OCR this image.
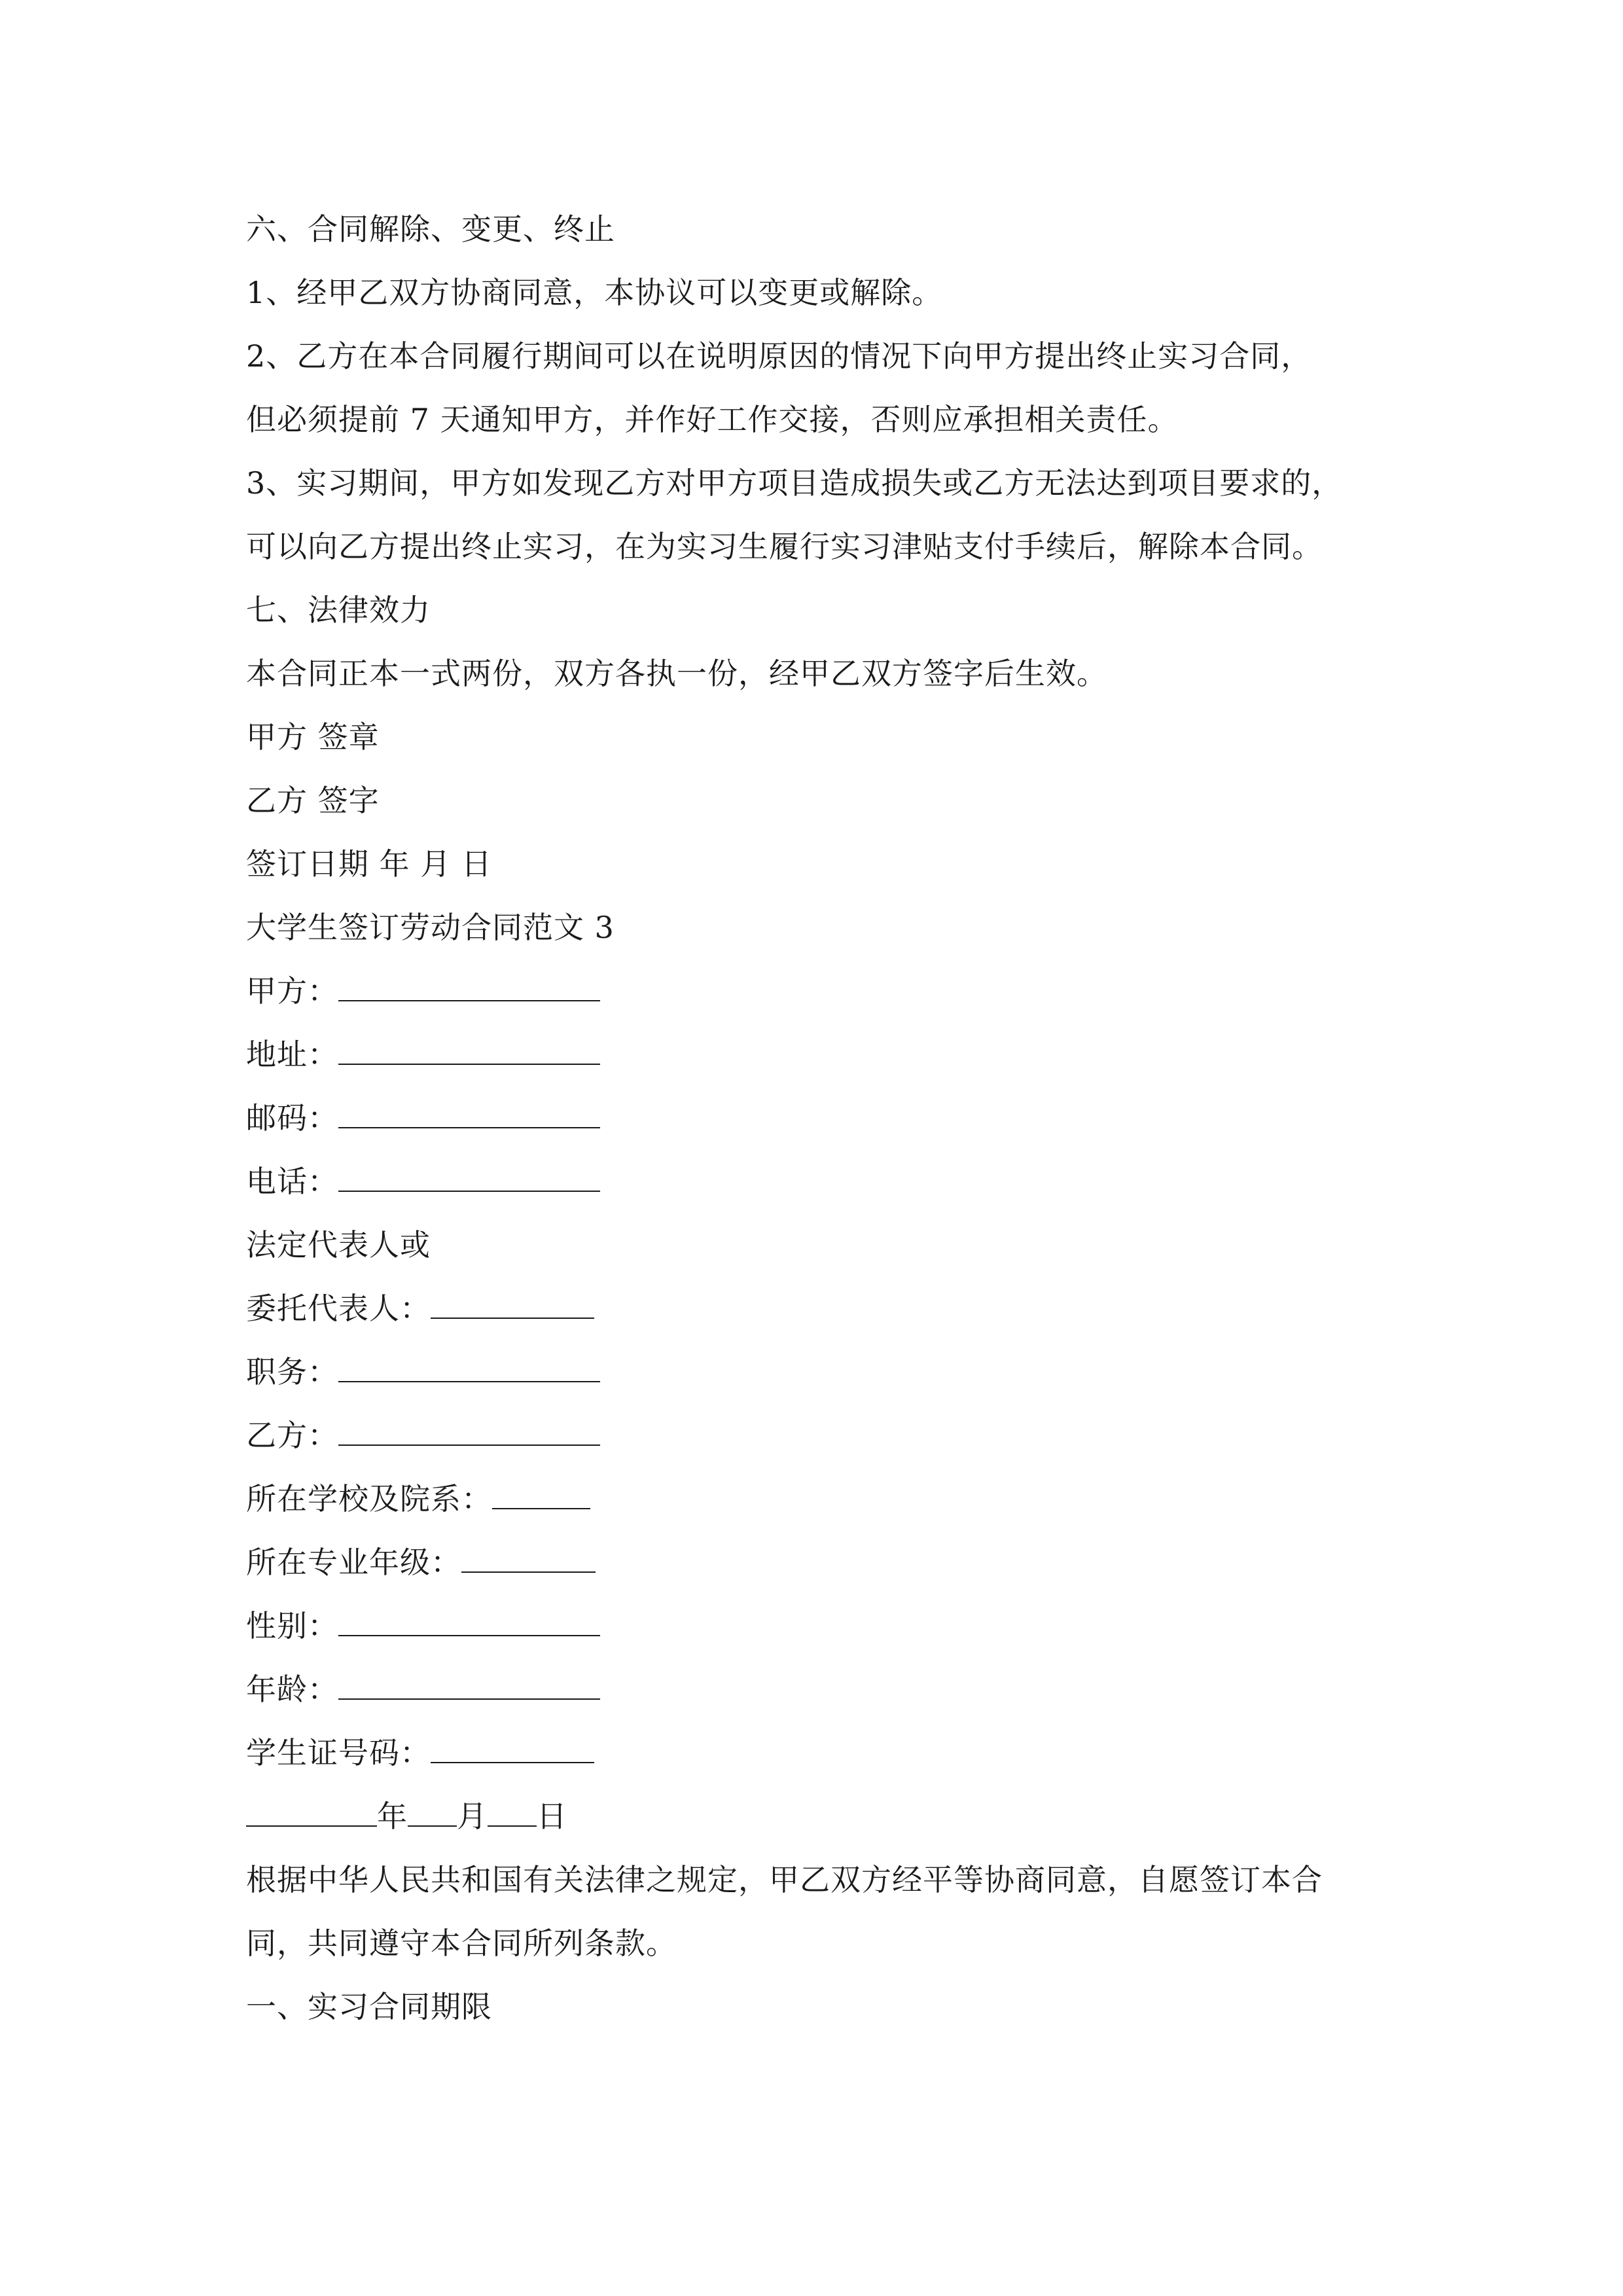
六、合同解除、变更、终止
1、经甲乙双方协商同意，本协议可以变更或解除。
2、乙方在本合同履行期间可以在说明原因的情况下向甲方提出终止实习合同，
但必须提前 7 天通知甲方，并作好工作交接，否则应承担相关责任。
3、实习期间，甲方如发现乙方对甲方项目造成损失或乙方无法达到项目要求的，
可以向乙方提出终止实习，在为实习生履行实习津贴支付手续后，解除本合同。
七、法律效力
本合同正本一式两份，双方各执一份，经甲乙双方签字后生效。
甲方 签章
乙方 签字
签订日期 年 月 日
大学生签订劳动合同范文 3
甲方：
地址：
邮码：
电话：
法定代表人或
委托代表人：
职务：
乙方：
所在学校及院系：
所在专业年级：
性别：
年龄：
学生证号码：
年 月 日
根据中华人民共和国有关法律之规定，甲乙双方经平等协商同意，自愿签订本合
同，共同遵守本合同所列条款。
一、实习合同期限
